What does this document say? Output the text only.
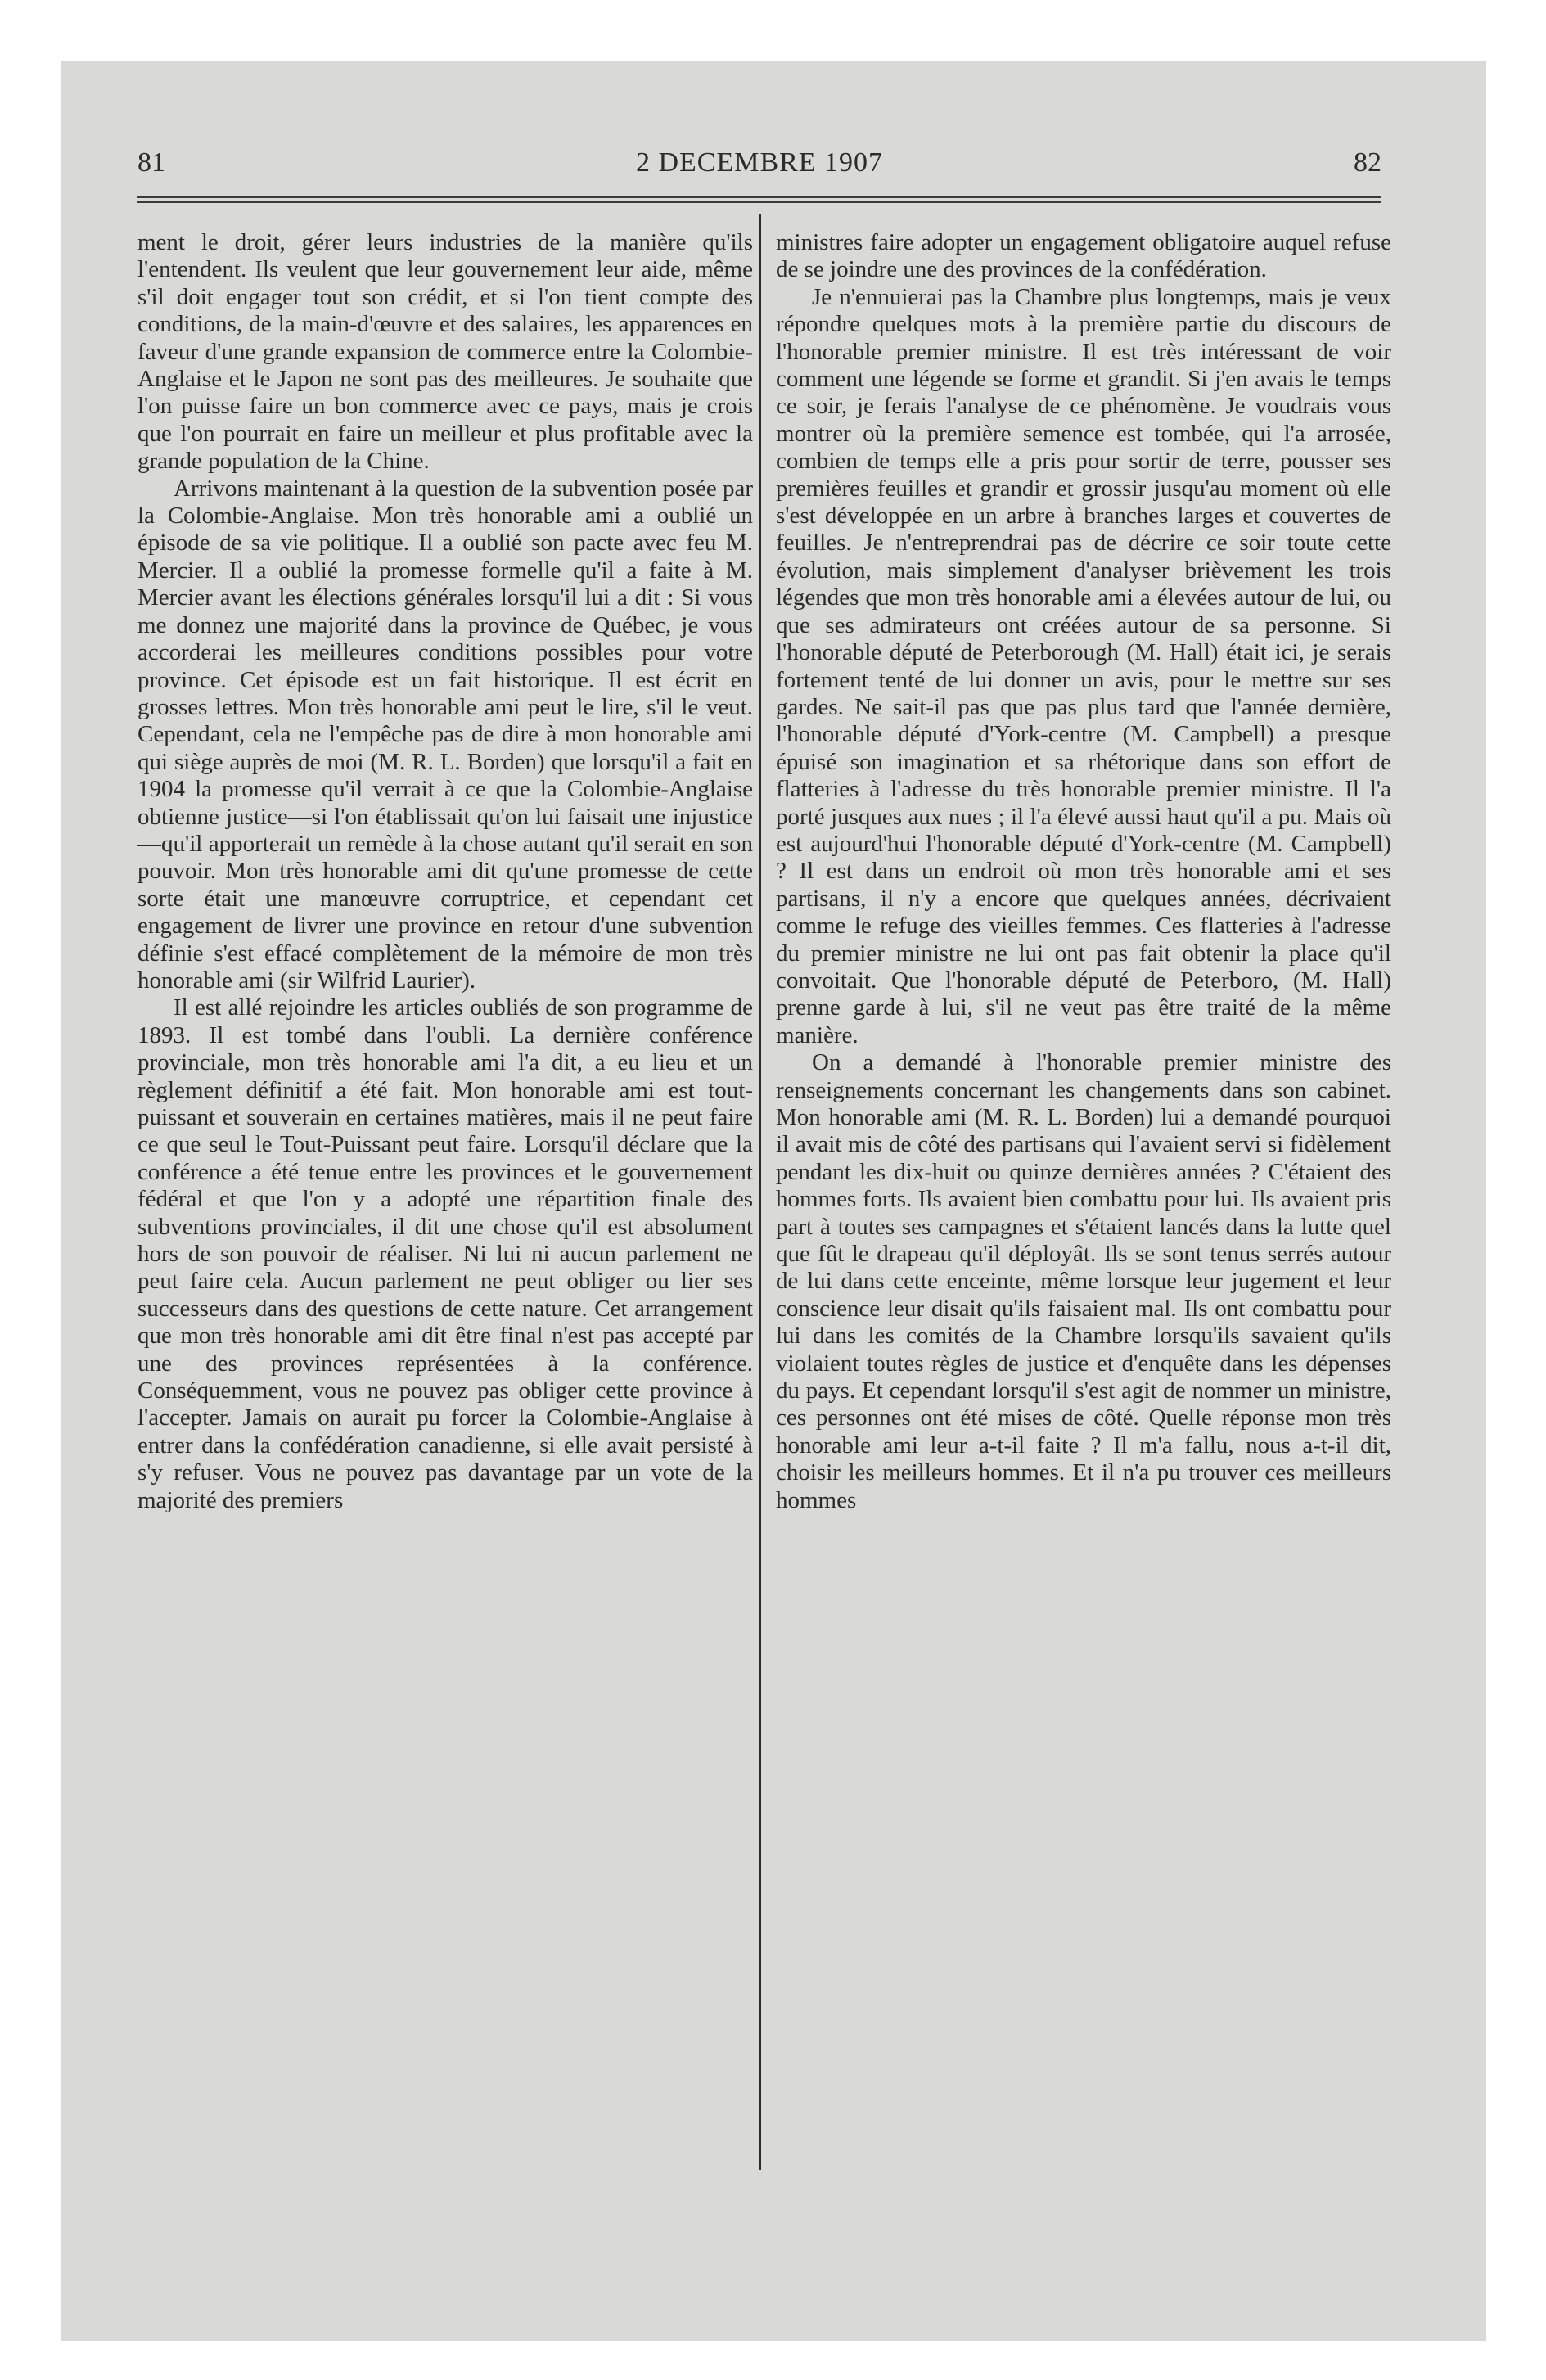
81	2 DECEMBRE 1907	82

ment le droit, gérer leurs industries de la manière qu'ils l'entendent. Ils veulent que leur gouvernement leur aide, même s'il doit engager tout son crédit, et si l'on tient compte des conditions, de la main-d'œuvre et des salaires, les apparences en faveur d'une grande expansion de commerce entre la Colombie-Anglaise et le Japon ne sont pas des meilleures. Je souhaite que l'on puisse faire un bon commerce avec ce pays, mais je crois que l'on pourrait en faire un meilleur et plus profitable avec la grande population de la Chine.

Arrivons maintenant à la question de la subvention posée par la Colombie-Anglaise. Mon très honorable ami a oublié un épisode de sa vie politique. Il a oublié son pacte avec feu M. Mercier. Il a oublié la promesse formelle qu'il a faite à M. Mercier avant les élections générales lorsqu'il lui a dit : Si vous me donnez une majorité dans la province de Québec, je vous accorderai les meilleures conditions possibles pour votre province. Cet épisode est un fait historique. Il est écrit en grosses lettres. Mon très honorable ami peut le lire, s'il le veut. Cependant, cela ne l'empêche pas de dire à mon honorable ami qui siège auprès de moi (M. R. L. Borden) que lorsqu'il a fait en 1904 la promesse qu'il verrait à ce que la Colombie-Anglaise obtienne justice—si l'on établissait qu'on lui faisait une injustice—qu'il apporterait un remède à la chose autant qu'il serait en son pouvoir. Mon très honorable ami dit qu'une promesse de cette sorte était une manœuvre corruptrice, et cependant cet engagement de livrer une province en retour d'une subvention définie s'est effacé complètement de la mémoire de mon très honorable ami (sir Wilfrid Laurier).

Il est allé rejoindre les articles oubliés de son programme de 1893. Il est tombé dans l'oubli. La dernière conférence provinciale, mon très honorable ami l'a dit, a eu lieu et un règlement définitif a été fait. Mon honorable ami est tout-puissant et souverain en certaines matières, mais il ne peut faire ce que seul le Tout-Puissant peut faire. Lorsqu'il déclare que la conférence a été tenue entre les provinces et le gouvernement fédéral et que l'on y a adopté une répartition finale des subventions provinciales, il dit une chose qu'il est absolument hors de son pouvoir de réaliser. Ni lui ni aucun parlement ne peut faire cela. Aucun parlement ne peut obliger ou lier ses successeurs dans des questions de cette nature. Cet arrangement que mon très honorable ami dit être final n'est pas accepté par une des provinces représentées à la conférence. Conséquemment, vous ne pouvez pas obliger cette province à l'accepter. Jamais on aurait pu forcer la Colombie-Anglaise à entrer dans la confédération canadienne, si elle avait persisté à s'y refuser. Vous ne pouvez pas davantage par un vote de la majorité des premiers

ministres faire adopter un engagement obligatoire auquel refuse de se joindre une des provinces de la confédération.

Je n'ennuierai pas la Chambre plus longtemps, mais je veux répondre quelques mots à la première partie du discours de l'honorable premier ministre. Il est très intéressant de voir comment une légende se forme et grandit. Si j'en avais le temps ce soir, je ferais l'analyse de ce phénomène. Je voudrais vous montrer où la première semence est tombée, qui l'a arrosée, combien de temps elle a pris pour sortir de terre, pousser ses premières feuilles et grandir et grossir jusqu'au moment où elle s'est développée en un arbre à branches larges et couvertes de feuilles. Je n'entreprendrai pas de décrire ce soir toute cette évolution, mais simplement d'analyser brièvement les trois légendes que mon très honorable ami a élevées autour de lui, ou que ses admirateurs ont créées autour de sa personne. Si l'honorable député de Peterborough (M. Hall) était ici, je serais fortement tenté de lui donner un avis, pour le mettre sur ses gardes. Ne sait-il pas que pas plus tard que l'année dernière, l'honorable député d'York-centre (M. Campbell) a presque épuisé son imagination et sa rhétorique dans son effort de flatteries à l'adresse du très honorable premier ministre. Il l'a porté jusques aux nues ; il l'a élevé aussi haut qu'il a pu. Mais où est aujourd'hui l'honorable député d'York-centre (M. Campbell) ? Il est dans un endroit où mon très honorable ami et ses partisans, il n'y a encore que quelques années, décrivaient comme le refuge des vieilles femmes. Ces flatteries à l'adresse du premier ministre ne lui ont pas fait obtenir la place qu'il convoitait. Que l'honorable député de Peterboro, (M. Hall) prenne garde à lui, s'il ne veut pas être traité de la même manière.

On a demandé à l'honorable premier ministre des renseignements concernant les changements dans son cabinet. Mon honorable ami (M. R. L. Borden) lui a demandé pourquoi il avait mis de côté des partisans qui l'avaient servi si fidèlement pendant les dix-huit ou quinze dernières années ? C'étaient des hommes forts. Ils avaient bien combattu pour lui. Ils avaient pris part à toutes ses campagnes et s'étaient lancés dans la lutte quel que fût le drapeau qu'il déployât. Ils se sont tenus serrés autour de lui dans cette enceinte, même lorsque leur jugement et leur conscience leur disait qu'ils faisaient mal. Ils ont combattu pour lui dans les comités de la Chambre lorsqu'ils savaient qu'ils violaient toutes règles de justice et d'enquête dans les dépenses du pays. Et cependant lorsqu'il s'est agit de nommer un ministre, ces personnes ont été mises de côté. Quelle réponse mon très honorable ami leur a-t-il faite ? Il m'a fallu, nous a-t-il dit, choisir les meilleurs hommes. Et il n'a pu trouver ces meilleurs hommes
